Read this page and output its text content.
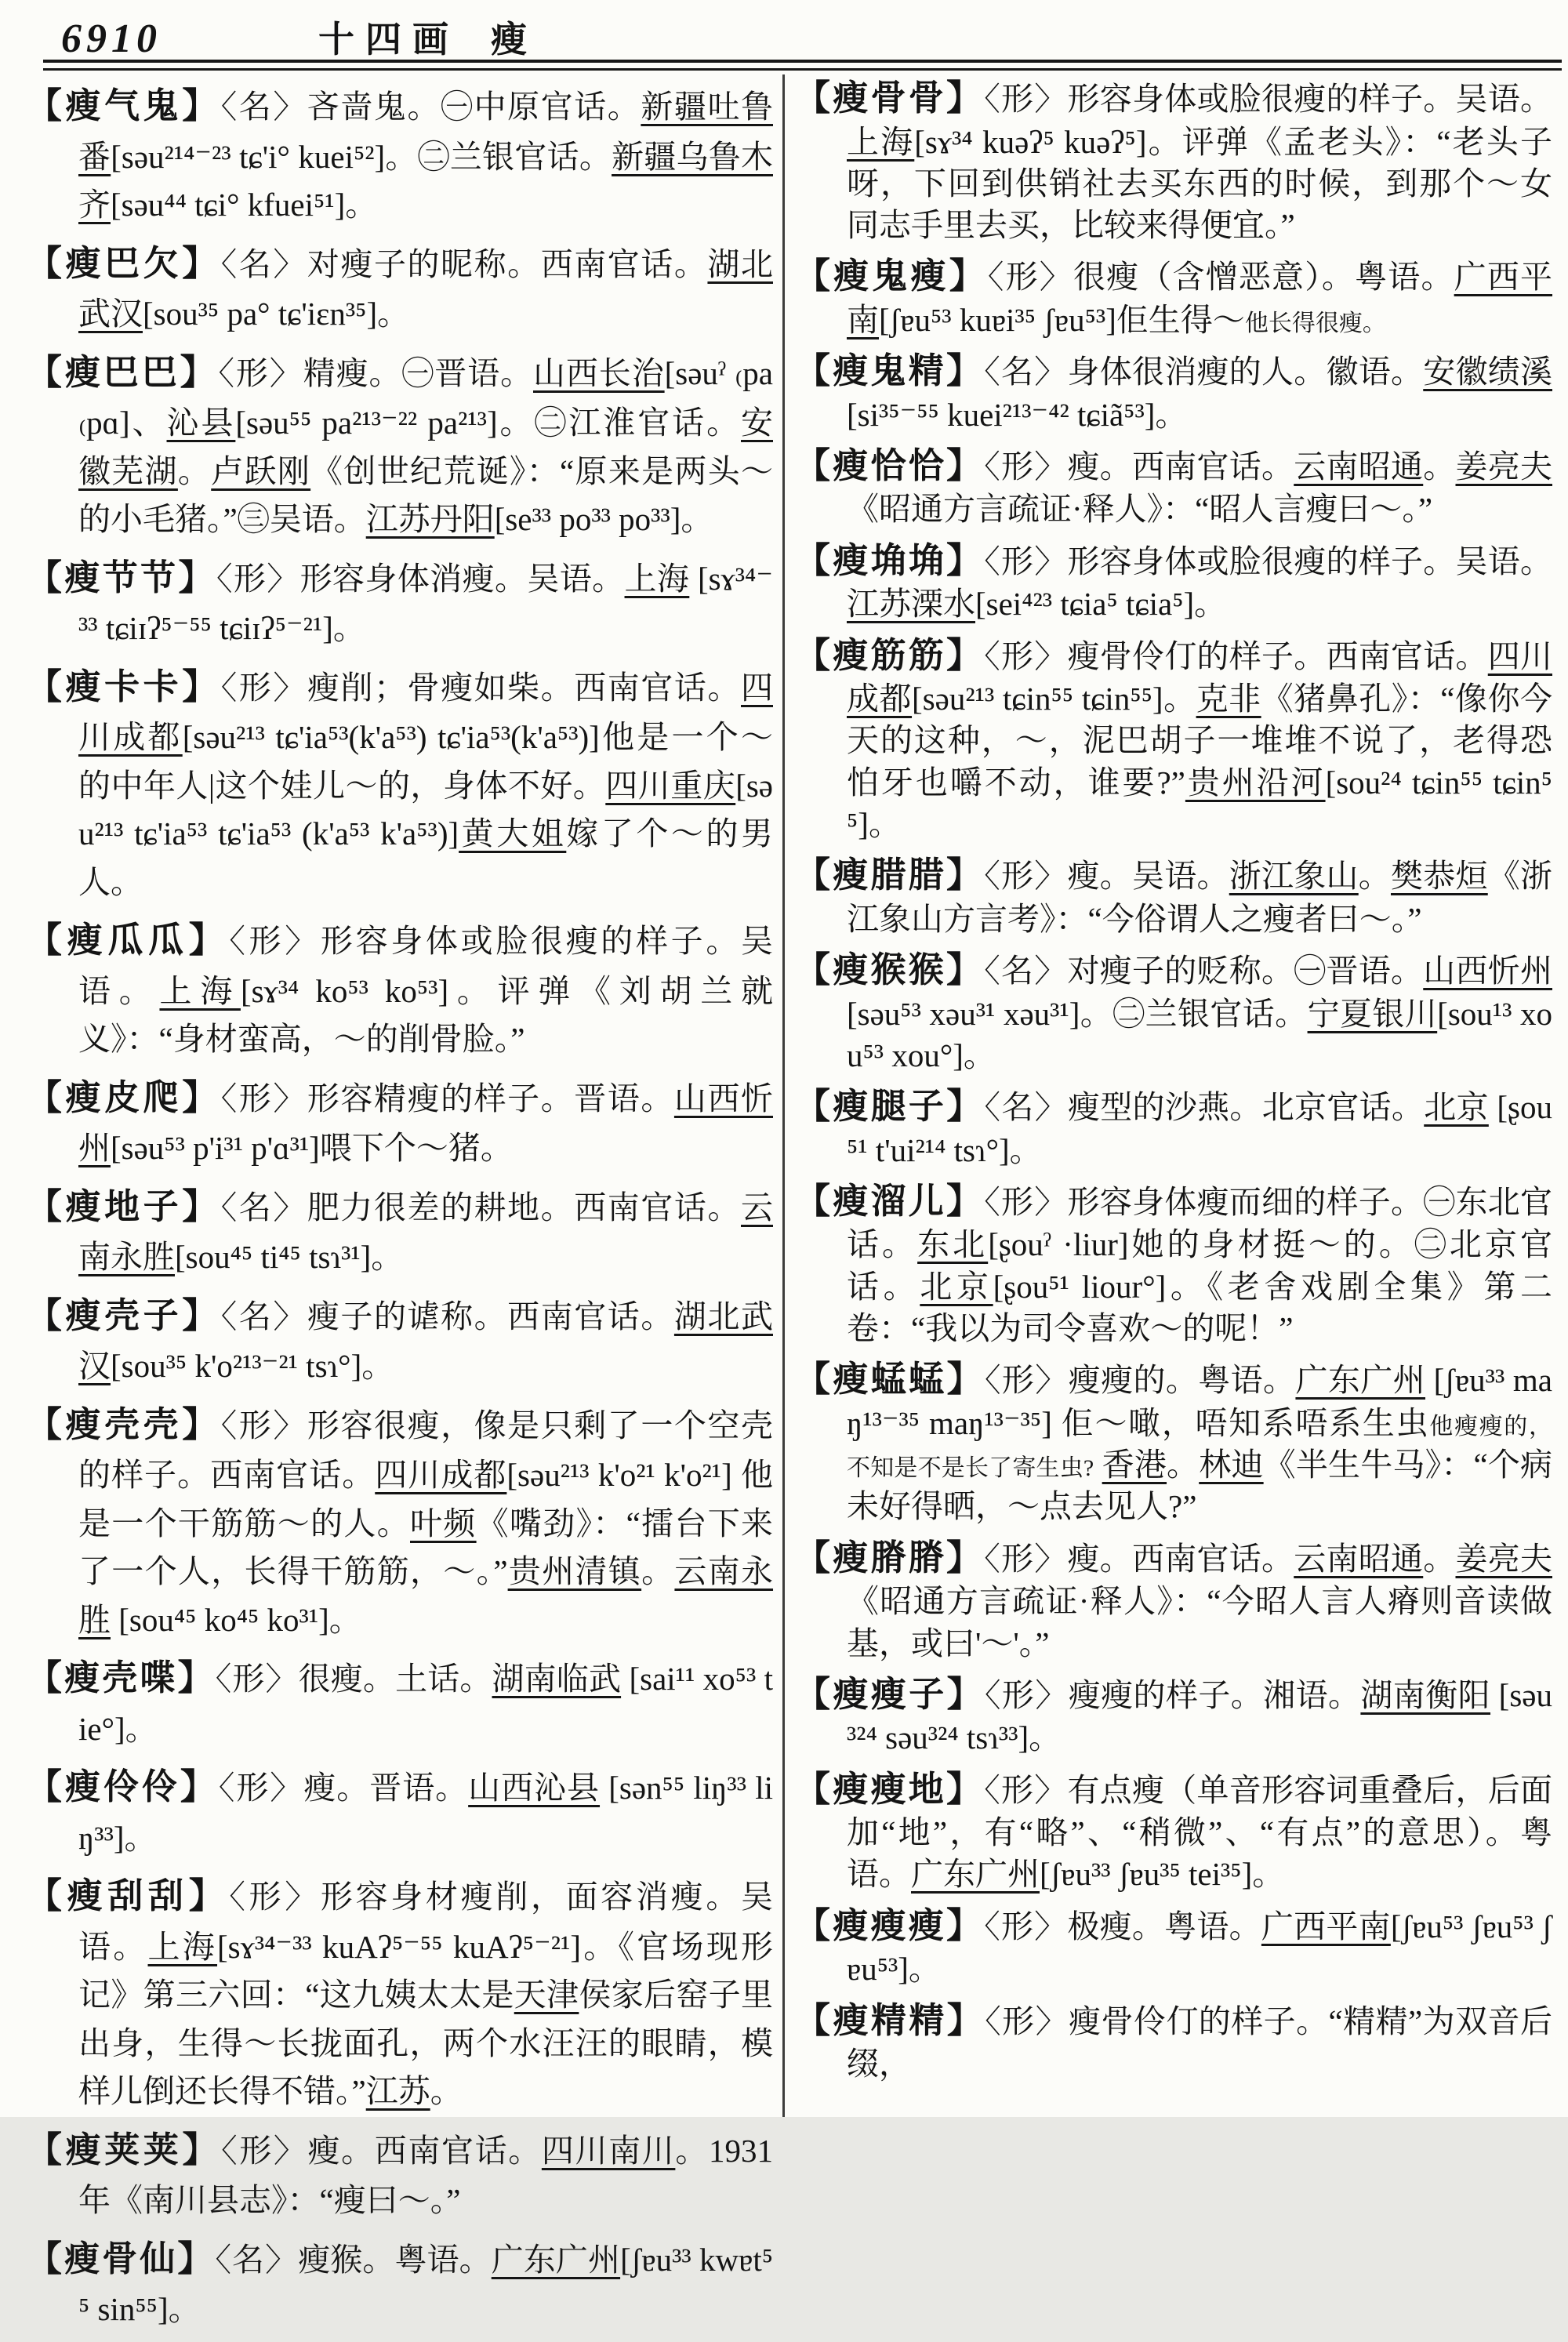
6910	十四画 瘦
【瘦气鬼】〈名〉吝啬鬼。㊀中原官话。新疆吐鲁番[səu²¹⁴⁻²³ tɕ'i° kuei⁵²]。㊁兰银官话。新疆乌鲁木齐[səu⁴⁴ tɕi° kfuei⁵¹]。
【瘦巴欠】〈名〉对瘦子的昵称。西南官话。湖北武汉[sou³⁵ pa° tɕ'iɛn³⁵]。
【瘦巴巴】〈形〉精瘦。㊀晋语。山西长治[səuˀ ₍pa ₍pɑ]、沁县[səu⁵⁵ pa²¹³⁻²² pa²¹³]。㊁江淮官话。安徽芜湖。卢跃刚《创世纪荒诞》：“原来是两头～的小毛猪。”㊂吴语。江苏丹阳[se³³ po³³ po³³]。
【瘦节节】〈形〉形容身体消瘦。吴语。上海 [sɤ³⁴⁻³³ tɕiɪʔ⁵⁻⁵⁵ tɕiɪʔ⁵⁻²¹]。
【瘦卡卡】〈形〉瘦削；骨瘦如柴。西南官话。四川成都[səu²¹³ tɕ'ia⁵³(k'a⁵³) tɕ'ia⁵³(k'a⁵³)]他是一个～的中年人|这个娃儿～的，身体不好。四川重庆[səu²¹³ tɕ'ia⁵³ tɕ'ia⁵³ (k'a⁵³ k'a⁵³)]黄大姐嫁了个～的男人。
【瘦瓜瓜】〈形〉形容身体或脸很瘦的样子。吴语。上海[sɤ³⁴ ko⁵³ ko⁵³]。评弹《刘胡兰就义》：“身材蛮高，～的削骨脸。”
【瘦皮爬】〈形〉形容精瘦的样子。晋语。山西忻州[səu⁵³ p'i³¹ p'ɑ³¹]喂下个～猪。
【瘦地子】〈名〉肥力很差的耕地。西南官话。云南永胜[sou⁴⁵ ti⁴⁵ tsɿ³¹]。
【瘦壳子】〈名〉瘦子的谑称。西南官话。湖北武汉[sou³⁵ k'o²¹³⁻²¹ tsɿ°]。
【瘦壳壳】〈形〉形容很瘦，像是只剩了一个空壳的样子。西南官话。四川成都[səu²¹³ k'o²¹ k'o²¹] 他是一个干筋筋～的人。叶频《嘴劲》：“擂台下来了一个人，长得干筋筋，～。”贵州清镇。云南永胜 [sou⁴⁵ ko⁴⁵ ko³¹]。
【瘦壳喋】〈形〉很瘦。土话。湖南临武 [sai¹¹ xo⁵³ tie°]。
【瘦伶伶】〈形〉瘦。晋语。山西沁县 [sən⁵⁵ liŋ³³ liŋ³³]。
【瘦刮刮】〈形〉形容身材瘦削，面容消瘦。吴语。上海[sɤ³⁴⁻³³ kuAʔ⁵⁻⁵⁵ kuAʔ⁵⁻²¹]。《官场现形记》第三六回：“这九姨太太是天津侯家后窑子里出身，生得～长拢面孔，两个水汪汪的眼睛，模样儿倒还长得不错。”江苏。
【瘦荚荚】〈形〉瘦。西南官话。四川南川。1931年《南川县志》：“瘦曰～。”
【瘦骨仙】〈名〉瘦猴。粤语。广东广州[ʃɐu³³ kwɐt⁵⁵ sin⁵⁵]。
【瘦骨骨】〈形〉形容身体或脸很瘦的样子。吴语。上海[sɤ³⁴ kuəʔ⁵ kuəʔ⁵]。评弹《孟老头》：“老头子呀，下回到供销社去买东西的时候，到那个～女同志手里去买，比较来得便宜。”
【瘦鬼瘦】〈形〉很瘦（含憎恶意）。粤语。广西平南[ʃɐu⁵³ kuɐi³⁵ ʃɐu⁵³]佢生得～他长得很瘦。
【瘦鬼精】〈名〉身体很消瘦的人。徽语。安徽绩溪[si³⁵⁻⁵⁵ kuei²¹³⁻⁴² tɕiã⁵³]。
【瘦恰恰】〈形〉瘦。西南官话。云南昭通。姜亮夫《昭通方言疏证·释人》：“昭人言瘦曰～。”
【瘦埆埆】〈形〉形容身体或脸很瘦的样子。吴语。江苏溧水[sei⁴²³ tɕia⁵ tɕia⁵]。
【瘦筋筋】〈形〉瘦骨伶仃的样子。西南官话。四川成都[səu²¹³ tɕin⁵⁵ tɕin⁵⁵]。克非《猪鼻孔》：“像你今天的这种，～，泥巴胡子一堆堆不说了，老得恐怕牙也嚼不动，谁要?”贵州沿河[sou²⁴ tɕin⁵⁵ tɕin⁵⁵]。
【瘦腊腊】〈形〉瘦。吴语。浙江象山。樊恭烜《浙江象山方言考》：“今俗谓人之瘦者曰～。”
【瘦猴猴】〈名〉对瘦子的贬称。㊀晋语。山西忻州[səu⁵³ xəu³¹ xəu³¹]。㊁兰银官话。宁夏银川[sou¹³ xou⁵³ xou°]。
【瘦腿子】〈名〉瘦型的沙燕。北京官话。北京 [ʂou⁵¹ t'ui²¹⁴ tsɿ°]。
【瘦溜儿】〈形〉形容身体瘦而细的样子。㊀东北官话。东北[ʂouˀ ·liur]她的身材挺～的。㊁北京官话。北京[ʂou⁵¹ liour°]。《老舍戏剧全集》第二卷：“我以为司令喜欢～的呢！”
【瘦蜢蜢】〈形〉瘦瘦的。粤语。广东广州 [ʃɐu³³ maŋ¹³⁻³⁵ maŋ¹³⁻³⁵] 佢～噉，唔知系唔系生虫他瘦瘦的，不知是不是长了寄生虫? 香港。林迪《半生牛马》：“个病未好得晒，～点去见人?”
【瘦膌膌】〈形〉瘦。西南官话。云南昭通。姜亮夫《昭通方言疏证·释人》：“今昭人言人瘠则音读做基，或曰'～'。”
【瘦瘦子】〈形〉瘦瘦的样子。湘语。湖南衡阳 [səu³²⁴ səu³²⁴ tsɿ³³]。
【瘦瘦地】〈形〉有点瘦（单音形容词重叠后，后面加“地”，有“略”、“稍微”、“有点”的意思）。粤语。广东广州[ʃɐu³³ ʃɐu³⁵ tei³⁵]。
【瘦瘦瘦】〈形〉极瘦。粤语。广西平南[ʃɐu⁵³ ʃɐu⁵³ ʃɐu⁵³]。
【瘦精精】〈形〉瘦骨伶仃的样子。“精精”为双音后缀，
